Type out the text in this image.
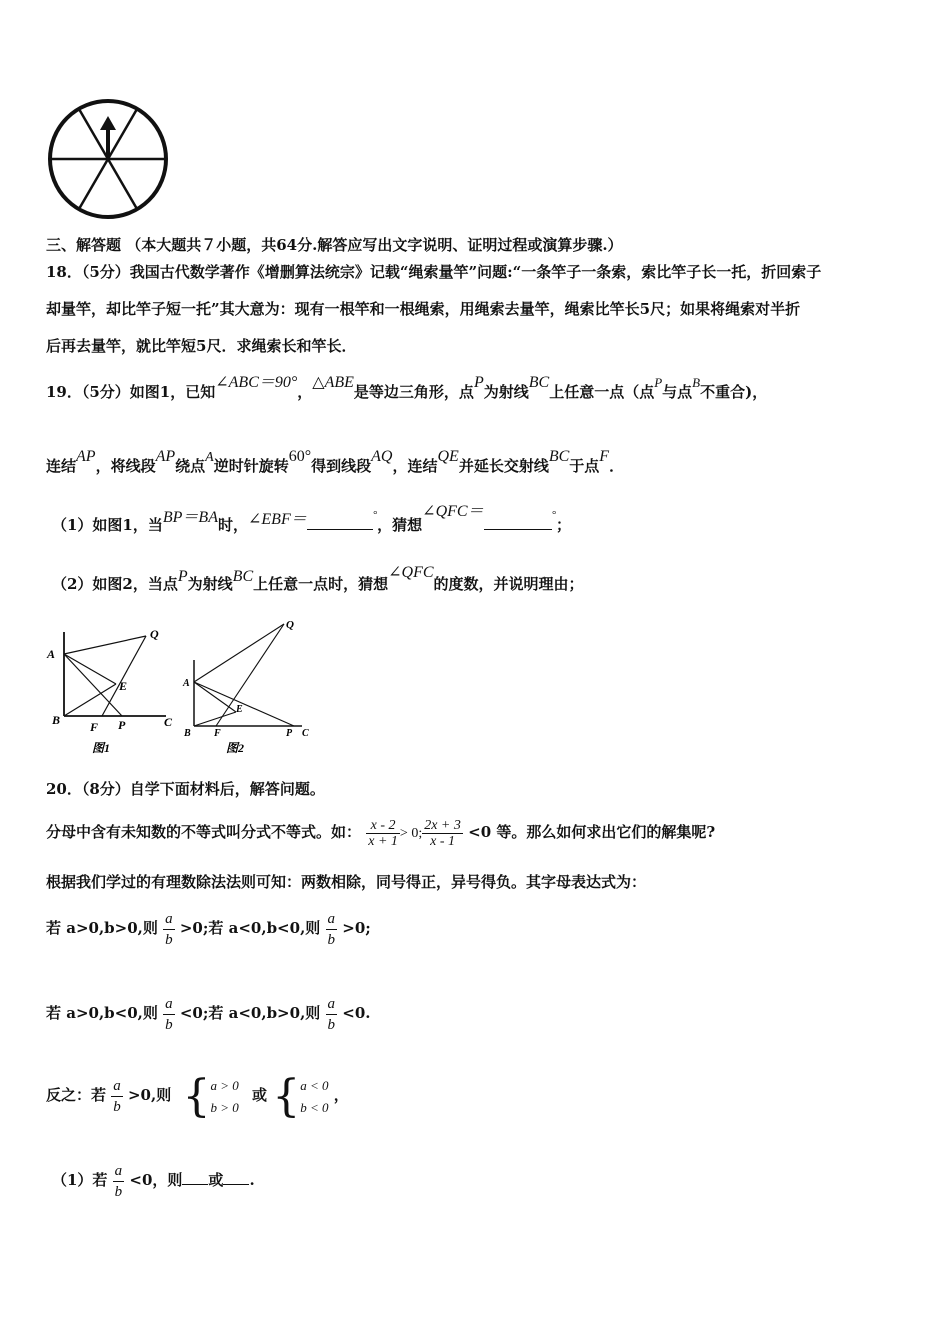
三、解答题 （本大题共７小题，共64分.解答应写出文字说明、证明过程或演算步骤.）
18．（5分）我国古代数学著作《增删算法统宗》记载“绳索量竿”问题:“一条竿子一条索，索比竿子长一托，折回索子
却量竿，却比竿子短一托”其大意为：现有一根竿和一根绳索，用绳索去量竿，绳索比竿长5尺；如果将绳索对半折
后再去量竿，就比竿短5尺．求绳索长和竿长．
19．（5分）如图1，已知∠ABC＝90°，△ABE是等边三角形，点P为射线BC上任意一点（点P与点B不重合)，
连结AP，将线段AP绕点A逆时针旋转60°得到线段AQ，连结QE并延长交射线BC于点F．
（1）如图1，当BP＝BA时，∠EBF＝	°，猜想∠QFC＝	°；
（2）如图2，当点P为射线BC上任意一点时，猜想∠QFC的度数，并说明理由；
A
Q
E
B F P	C
图1
A
Q
E
B F	P C
图2
20．（8分）自学下面材料后，解答问题。
分母中含有未知数的不等式叫分式不等式。如： $\frac{x - 2}{x + 1} > 0$; $\frac{2x + 3}{x - 1} <0$ 等。那么如何求出它们的解集呢?
根据我们学过的有理数除法法则可知：两数相除，同号得正，异号得负。其字母表达式为：
若 a>0,b>0,则 $\frac{a}{b} >0$;若 a<0,b<0,则 $\frac{a}{b} >0$;
若 a>0,b<0,则 $\frac{a}{b} <0$;若 a<0,b>0,则 $\frac{a}{b} <0$.
反之：若 $\frac{a}{b} >0$,则 { a > 0
b > 0
或 { a < 0
b < 0
，
（1）若 $\frac{a}{b} <0$，则 或 .
